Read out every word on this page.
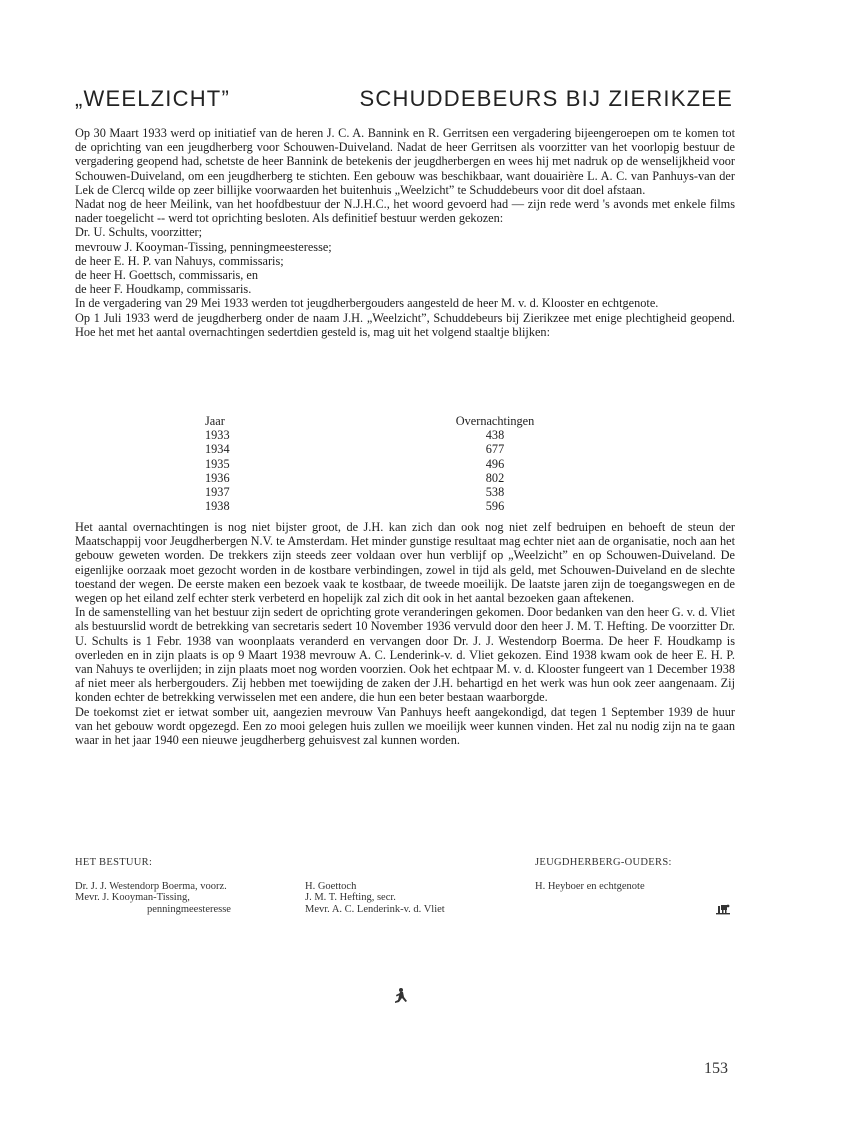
„WEELZICHT”	SCHUDDEBEURS BIJ ZIERIKZEE

Op 30 Maart 1933 werd op initiatief van de heren J. C. A. Bannink en R. Gerritsen een vergadering bijeengeroepen om te komen tot de oprichting van een jeugdherberg voor Schouwen-Duiveland. Nadat de heer Gerritsen als voorzitter van het voorlopig bestuur de vergadering geopend had, schetste de heer Bannink de betekenis der jeugdherbergen en wees hij met nadruk op de wenselijkheid voor Schouwen-Duiveland, om een jeugdherberg te stichten. Een gebouw was beschikbaar, want douairière L. A. C. van Panhuys-van der Lek de Clercq wilde op zeer billijke voorwaarden het buitenhuis „Weelzicht” te Schuddebeurs voor dit doel afstaan.

Nadat nog de heer Meilink, van het hoofdbestuur der N.J.H.C., het woord gevoerd had — zijn rede werd 's avonds met enkele films nader toegelicht -- werd tot oprichting besloten. Als definitief bestuur werden gekozen:

Dr. U. Schults, voorzitter;

mevrouw J. Kooyman-Tissing, penningmeesteresse;

de heer E. H. P. van Nahuys, commissaris;

de heer H. Goettsch, commissaris, en

de heer F. Houdkamp, commissaris.

In de vergadering van 29 Mei 1933 werden tot jeugdherbergouders aangesteld de heer M. v. d. Klooster en echtgenote.

Op 1 Juli 1933 werd de jeugdherberg onder de naam J.H. „Weelzicht”, Schuddebeurs bij Zierikzee met enige plechtigheid geopend. Hoe het met het aantal overnachtingen sedertdien gesteld is, mag uit het volgend staaltje blijken:

Jaar	Overnachtingen
1933	438
1934	677
1935	496
1936	802
1937	538
1938	596

Het aantal overnachtingen is nog niet bijster groot, de J.H. kan zich dan ook nog niet zelf bedruipen en behoeft de steun der Maatschappij voor Jeugdherbergen N.V. te Amsterdam. Het minder gunstige resultaat mag echter niet aan de organisatie, noch aan het gebouw geweten worden. De trekkers zijn steeds zeer voldaan over hun verblijf op „Weelzicht” en op Schouwen-Duiveland. De eigenlijke oorzaak moet gezocht worden in de kostbare verbindingen, zowel in tijd als geld, met Schouwen-Duiveland en de slechte toestand der wegen. De eerste maken een bezoek vaak te kostbaar, de tweede moeilijk. De laatste jaren zijn de toegangswegen en de wegen op het eiland zelf echter sterk verbeterd en hopelijk zal zich dit ook in het aantal bezoeken gaan aftekenen.

In de samenstelling van het bestuur zijn sedert de oprichting grote veranderingen gekomen. Door bedanken van den heer G. v. d. Vliet als bestuurslid wordt de betrekking van secretaris sedert 10 November 1936 vervuld door den heer J. M. T. Hefting. De voorzitter Dr. U. Schults is 1 Febr. 1938 van woonplaats veranderd en vervangen door Dr. J. J. Westendorp Boerma. De heer F. Houdkamp is overleden en in zijn plaats is op 9 Maart 1938 mevrouw A. C. Lenderink-v. d. Vliet gekozen. Eind 1938 kwam ook de heer E. H. P. van Nahuys te overlijden; in zijn plaats moet nog worden voorzien. Ook het echtpaar M. v. d. Klooster fungeert van 1 December 1938 af niet meer als herbergouders. Zij hebben met toewijding de zaken der J.H. behartigd en het werk was hun ook zeer aangenaam. Zij konden echter de betrekking verwisselen met een andere, die hun een beter bestaan waarborgde.

De toekomst ziet er ietwat somber uit, aangezien mevrouw Van Panhuys heeft aangekondigd, dat tegen 1 September 1939 de huur van het gebouw wordt opgezegd. Een zo mooi gelegen huis zullen we moeilijk weer kunnen vinden. Het zal nu nodig zijn na te gaan waar in het jaar 1940 een nieuwe jeugdherberg gehuisvest zal kunnen worden.

HET BESTUUR:
Dr. J. J. Westendorp Boerma, voorz.
Mevr. J. Kooyman-Tissing,
penningmeesteresse
H. Goettoch
J. M. T. Hefting, secr.
Mevr. A. C. Lenderink-v. d. Vliet
JEUGDHERBERG-OUDERS:
H. Heyboer en echtgenote
153
